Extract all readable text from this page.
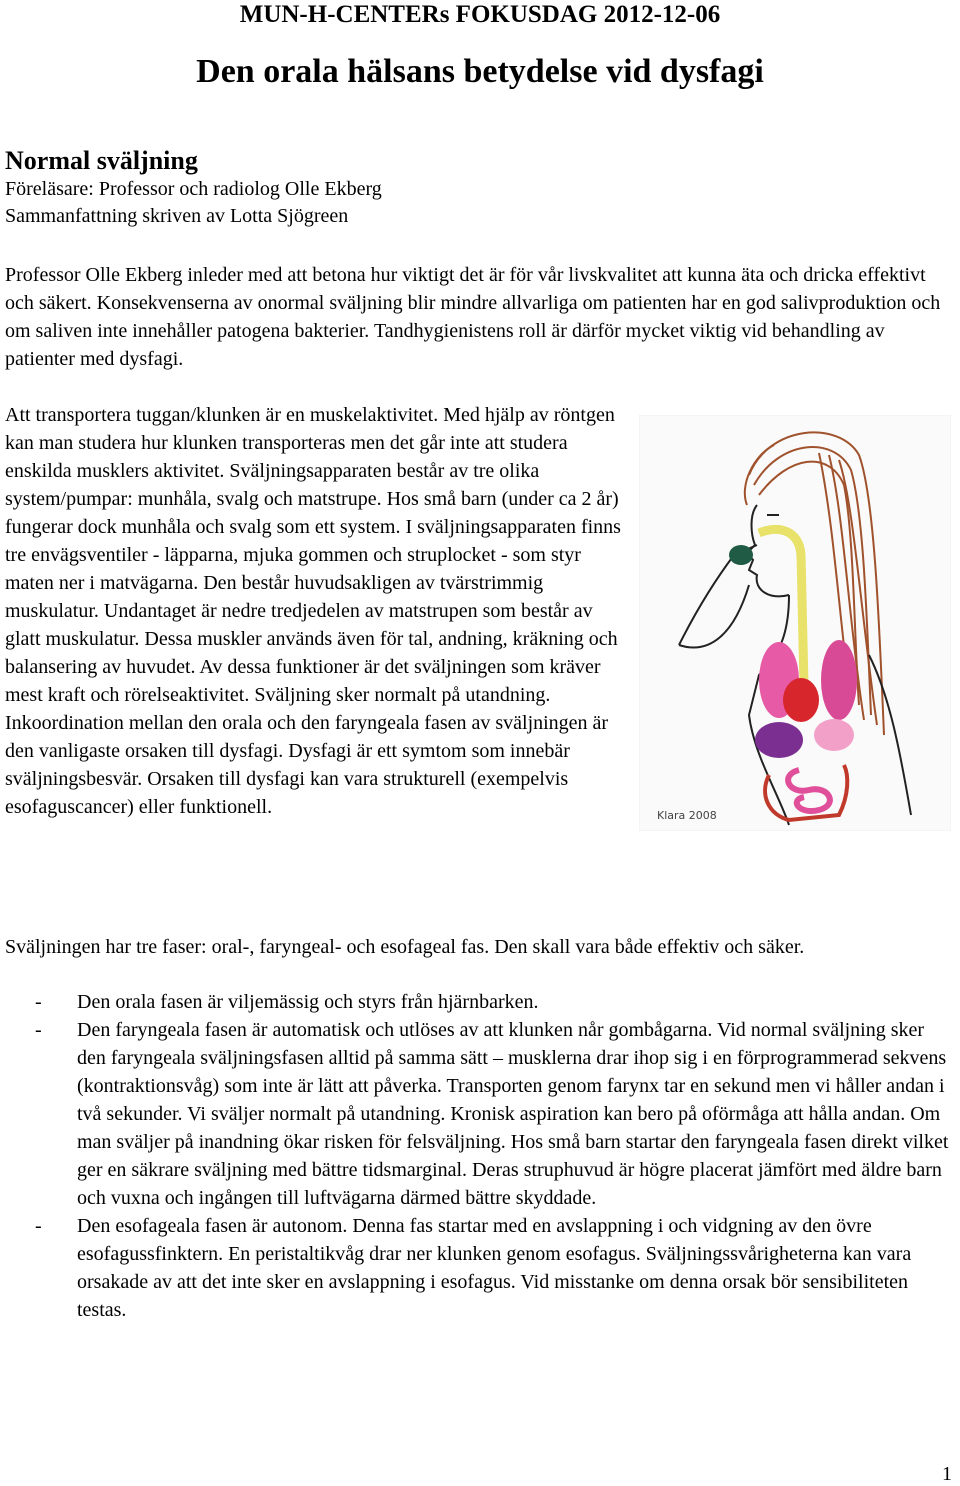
MUN-H-CENTERs FOKUSDAG 2012-12-06
Den orala hälsans betydelse vid dysfagi
Normal sväljning
Föreläsare: Professor och radiolog Olle Ekberg
Sammanfattning skriven av Lotta Sjögreen

Professor Olle Ekberg inleder med att betona hur viktigt det är för vår livskvalitet att kunna äta och dricka effektivt och säkert. Konsekvenserna av onormal sväljning blir mindre allvarliga om patienten har en god salivproduktion och om saliven inte innehåller patogena bakterier. Tandhygienistens roll är därför mycket viktig vid behandling av patienter med dysfagi.

Klara 2008

Att transportera tuggan/klunken är en muskelaktivitet. Med hjälp av röntgen kan man studera hur klunken transporteras men det går inte att studera enskilda musklers aktivitet. Sväljningsapparaten består av tre olika system/pumpar: munhåla, svalg och matstrupe. Hos små barn (under ca 2 år) fungerar dock munhåla och svalg som ett system. I sväljningsapparaten finns tre envägsventiler - läpparna, mjuka gommen och struplocket - som styr maten ner i matvägarna. Den består huvudsakligen av tvärstrimmig muskulatur. Undantaget är nedre tredjedelen av matstrupen som består av glatt muskulatur. Dessa muskler används även för tal, andning, kräkning och balansering av huvudet. Av dessa funktioner är det sväljningen som kräver mest kraft och rörelseaktivitet. Sväljning sker normalt på utandning. Inkoordination mellan den orala och den faryngeala fasen av sväljningen är den vanligaste orsaken till dysfagi. Dysfagi är ett symtom som innebär sväljningsbesvär. Orsaken till dysfagi kan vara strukturell (exempelvis esofaguscancer) eller funktionell.

Sväljningen har tre faser: oral-, faryngeal- och esofageal fas. Den skall vara både effektiv och säker.

- Den orala fasen är viljemässig och styrs från hjärnbarken.
- Den faryngeala fasen är automatisk och utlöses av att klunken når gombågarna. Vid normal sväljning sker den faryngeala sväljningsfasen alltid på samma sätt – musklerna drar ihop sig i en förprogrammerad sekvens (kontraktionsvåg) som inte är lätt att påverka. Transporten genom farynx tar en sekund men vi håller andan i två sekunder. Vi sväljer normalt på utandning. Kronisk aspiration kan bero på oförmåga att hålla andan. Om man sväljer på inandning ökar risken för felsväljning. Hos små barn startar den faryngeala fasen direkt vilket ger en säkrare sväljning med bättre tidsmarginal. Deras struphuvud är högre placerat jämfört med äldre barn och vuxna och ingången till luftvägarna därmed bättre skyddade.
- Den esofageala fasen är autonom. Denna fas startar med en avslappning i och vidgning av den övre esofagussfinktern. En peristaltikvåg drar ner klunken genom esofagus. Sväljningssvårigheterna kan vara orsakade av att det inte sker en avslappning i esofagus. Vid misstanke om denna orsak bör sensibiliteten testas.
1
